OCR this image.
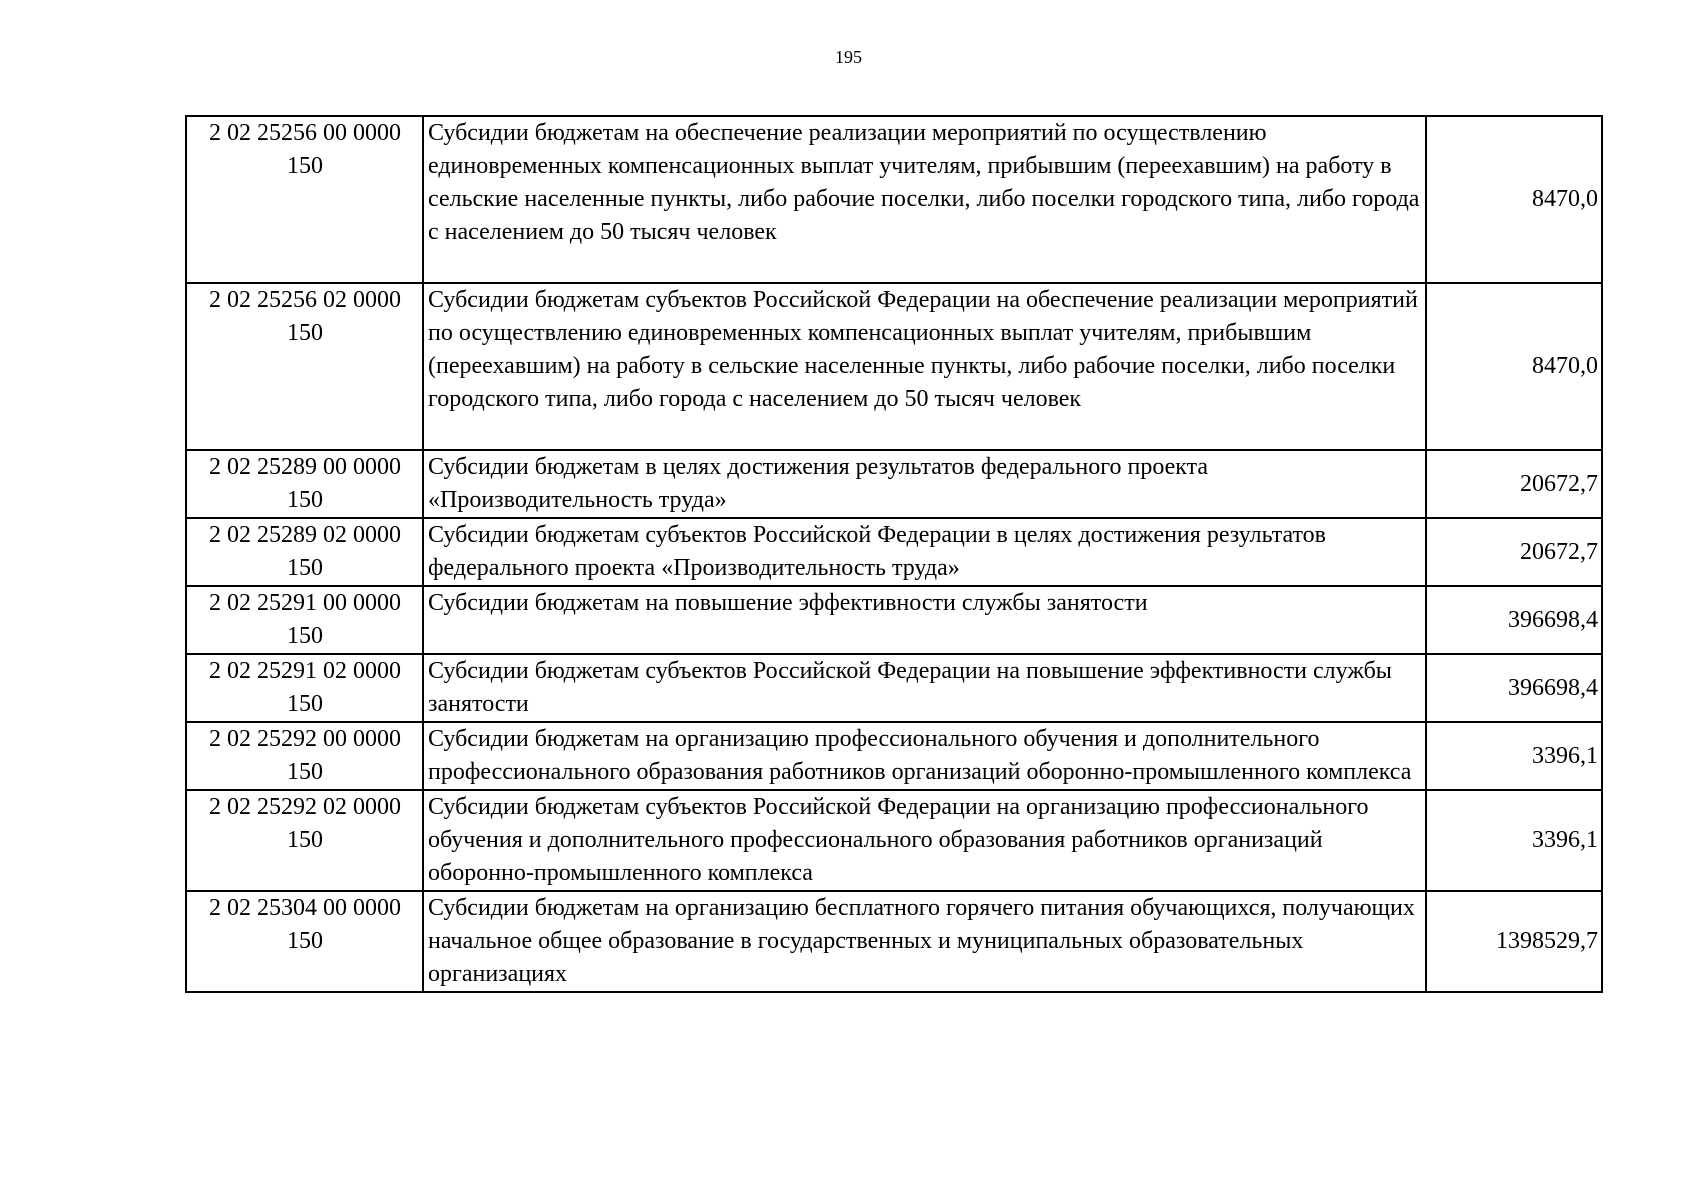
195
2 02 25256 00 0000
150	Субсидии бюджетам на обеспечение реализации мероприятий по осуществлению единовременных компенсационных выплат учителям, прибывшим (переехавшим) на работу в сельские населенные пункты, либо рабочие поселки, либо поселки городского типа, либо города с населением до 50 тысяч человек	8470,0

2 02 25256 02 0000
150	Субсидии бюджетам субъектов Российской Федерации на обеспечение реализации мероприятий по осуществлению единовременных компенсационных выплат учителям, прибывшим (переехавшим) на работу в сельские населенные пункты, либо рабочие поселки, либо поселки городского типа, либо города с населением до 50 тысяч человек	8470,0

2 02 25289 00 0000
150	Субсидии бюджетам в целях достижения результатов федерального проекта «Производительность труда»	20672,7

2 02 25289 02 0000
150	Субсидии бюджетам субъектов Российской Федерации в целях достижения результатов федерального проекта «Производительность труда»	20672,7

2 02 25291 00 0000
150	Субсидии бюджетам на повышение эффективности службы занятости	396698,4

2 02 25291 02 0000
150	Субсидии бюджетам субъектов Российской Федерации на повышение эффективности службы занятости	396698,4

2 02 25292 00 0000
150	Субсидии бюджетам на организацию профессионального обучения и дополнительного профессионального образования работников организаций оборонно-промышленного комплекса	3396,1

2 02 25292 02 0000
150	Субсидии бюджетам субъектов Российской Федерации на организацию профессионального обучения и дополнительного профессионального образования работников организаций оборонно-промышленного комплекса	3396,1

2 02 25304 00 0000
150	Субсидии бюджетам на организацию бесплатного горячего питания обучающихся, получающих начальное общее образование в государственных и муниципальных образовательных организациях	1398529,7
